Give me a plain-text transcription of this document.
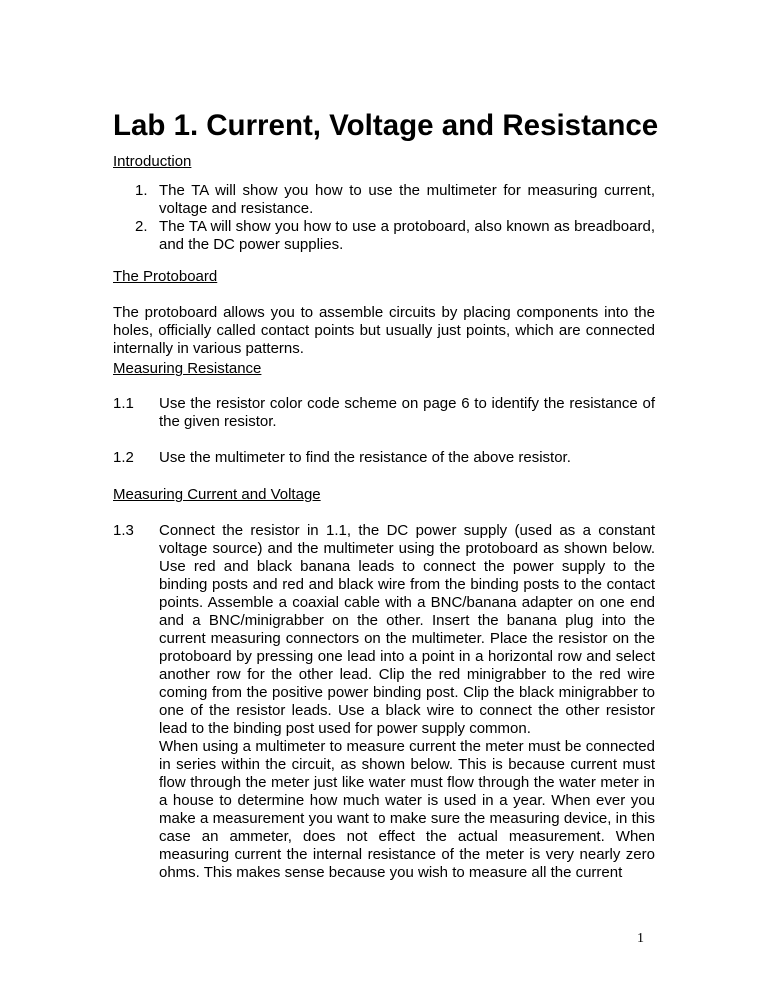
Lab 1. Current, Voltage and Resistance
Introduction
1. The TA will show you how to use the multimeter for measuring current, voltage and resistance.
2. The TA will show you how to use a protoboard, also known as breadboard, and the DC power supplies.
The Protoboard

The protoboard allows you to assemble circuits by placing components into the holes, officially called contact points but usually just points, which are connected internally in various patterns.

Measuring Resistance
1.1 Use the resistor color code scheme on page 6 to identify the resistance of the given resistor.

1.2 Use the multimeter to find the resistance of the above resistor.

Measuring Current and Voltage
1.3 Connect the resistor in 1.1, the DC power supply (used as a constant voltage source) and the multimeter using the protoboard as shown below. Use red and black banana leads to connect the power supply to the binding posts and red and black wire from the binding posts to the contact points. Assemble a coaxial cable with a BNC/banana adapter on one end and a BNC/minigrabber on the other. Insert the banana plug into the current measuring connectors on the multimeter. Place the resistor on the protoboard by pressing one lead into a point in a horizontal row and select another row for the other lead. Clip the red minigrabber to the red wire coming from the positive power binding post. Clip the black minigrabber to one of the resistor leads. Use a black wire to connect the other resistor lead to the binding post used for power supply common.

When using a multimeter to measure current the meter must be connected in series within the circuit, as shown below. This is because current must flow through the meter just like water must flow through the water meter in a house to determine how much water is used in a year. When ever you make a measurement you want to make sure the measuring device, in this case an ammeter, does not effect the actual measurement. When measuring current the internal resistance of the meter is very nearly zero ohms. This makes sense because you wish to measure all the current

1
